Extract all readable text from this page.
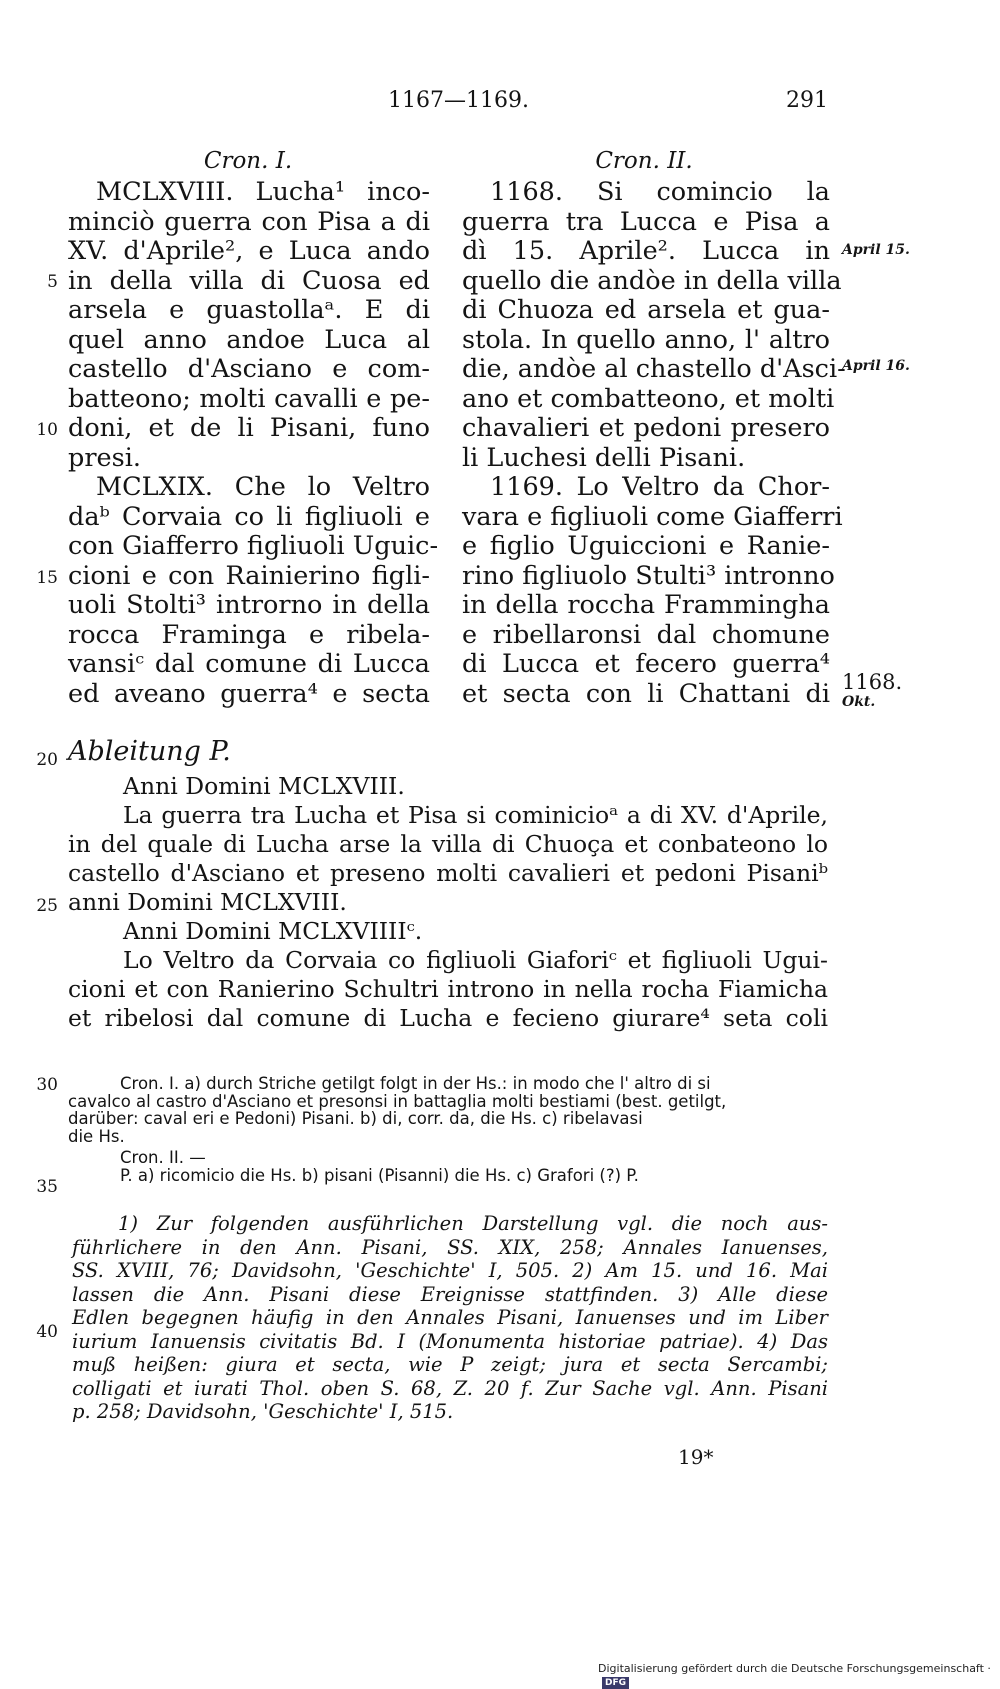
1167—1169.	291
Cron. I.	Cron. II.
MCLXVIII. Lucha¹ inco-
minciò guerra con Pisa a di
XV. d'Aprile², e Luca ando
in della villa di Cuosa ed
arsela e guastollaᵃ. E di
quel anno andoe Luca al
castello d'Asciano e com-
batteono; molti cavalli e pe-
doni, et de li Pisani, funo
presi.
MCLXIX. Che lo Veltro
daᵇ Corvaia co li figliuoli e
con Giafferro figliuoli Uguic-
cioni e con Rainierino figli-
uoli Stolti³ introrno in della
rocca Framinga e ribela-
vansiᶜ dal comune di Lucca
ed aveano guerra⁴ e secta
1168. Si comincio la
guerra tra Lucca e Pisa a
dì 15. Aprile². Lucca in
quello die andòe in della villa
di Chuoza ed arsela et gua-
stola. In quello anno, l' altro
die, andòe al chastello d'Asci-
ano et combatteono, et molti
chavalieri et pedoni presero
li Luchesi delli Pisani.
1169. Lo Veltro da Chor-
vara e figliuoli come Giafferri
e figlio Uguiccioni e Ranie-
rino figliuolo Stulti³ intronno
in della roccha Frammingha
e ribellaronsi dal chomune
di Lucca et fecero guerra⁴
et secta con li Chattani di
5
10
15
20
25
30
35
40
April 15.
April 16.
1168.
Okt.
Ableitung P.
Anni Domini MCLXVIII.
La guerra tra Lucha et Pisa si cominicioᵃ a di XV. d'Aprile,
in del quale di Lucha arse la villa di Chuoça et conbateono lo
castello d'Asciano et preseno molti cavalieri et pedoni Pisaniᵇ
anni Domini MCLXVIII.
Anni Domini MCLXVIIIIᶜ.
Lo Veltro da Corvaia co figliuoli Giaforiᶜ et figliuoli Ugui-
cioni et con Ranierino Schultri introno in nella rocha Fiamicha
et ribelosi dal comune di Lucha e fecieno giurare⁴ seta coli
Cron. I. a) durch Striche getilgt folgt in der Hs.: in modo che l' altro di si
cavalco al castro d'Asciano et presonsi in battaglia molti bestiami (best. getilgt,
darüber: caval eri e Pedoni) Pisani. b) di, corr. da, die Hs. c) ribelavasi
die Hs.
Cron. II. —
P. a) ricomicio die Hs. b) pisani (Pisanni) die Hs. c) Grafori (?) P.
1) Zur folgenden ausführlichen Darstellung vgl. die noch aus-
führlichere in den Ann. Pisani, SS. XIX, 258; Annales Ianuenses,
SS. XVIII, 76; Davidsohn, 'Geschichte' I, 505. 2) Am 15. und 16. Mai
lassen die Ann. Pisani diese Ereignisse stattfinden. 3) Alle diese
Edlen begegnen häufig in den Annales Pisani, Ianuenses und im Liber
iurium Ianuensis civitatis Bd. I (Monumenta historiae patriae). 4) Das
muß heißen: giura et secta, wie P zeigt; jura et secta Sercambi;
colligati et iurati Thol. oben S. 68, Z. 20 f. Zur Sache vgl. Ann. Pisani
p. 258; Davidsohn, 'Geschichte' I, 515.
19*
Digitalisierung gefördert durch die Deutsche Forschungsgemeinschaft ·DFG
